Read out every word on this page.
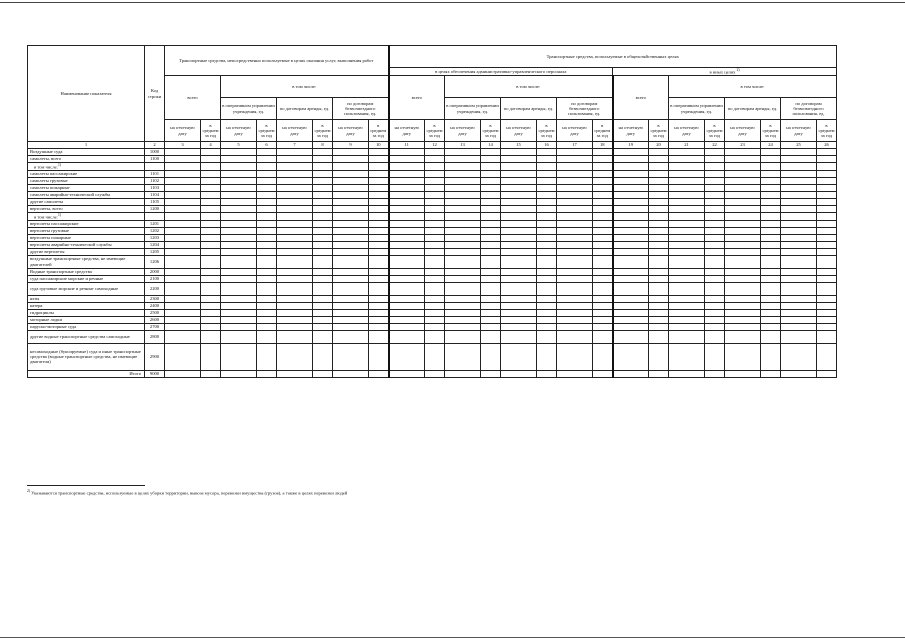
Наименование показателя	Код строки	Транспортные средства, непосредственно используемые в целях оказания услуг, выполнения работ								Транспортные средства, используемые в общехозяйственных целях															
										в целях обеспечения административно-управленческого персонала								в иных целях $^{2)}$
		всего		в том числе:						всего		в том числе:						всего		в том числе:					
				в оперативном управлении учреждения, ед.		по договорам аренды, ед.		по договорам безвозмездного пользования, ед.				в оперативном управлении учреждения, ед.		по договорам аренды, ед.		по договорам безвозмездного пользования, ед.				в оперативном управлении учреждения, ед.		по договорам аренды, ед.		по договорам безвозмездного пользования, ед.	
		на отчетную дату	в среднем за год	на отчетную дату	в среднем за год	на отчетную дату	в среднем за год	на отчетную дату	в среднем за год	на отчетную дату	в среднем за год	на отчетную дату	в среднем за год	на отчетную дату	в среднем за год	на отчетную дату	в среднем за год	на отчетную дату	в среднем за год	на отчетную дату	в среднем за год	на отчетную дату	в среднем за год	на отчетную дату	в среднем за год
1	2	3	4	5	6	7	8	9	10	11	12	13	14	15	16	17	18	19	20	21	22	23	24	25	26
Воздушные суда	1000																								
самолеты, всего	1100																								
в том числе:$^{1)}$																									
самолеты пассажирские	1101																								
самолеты грузовые	1102																								
самолеты пожарные	1103																								
самолеты аварийно-технической службы	1104																								
другие самолеты	1105																								
вертолеты, всего	1200																								
в том числе:$^{1)}$																									
вертолеты пассажирские	1201																								
вертолеты грузовые	1202																								
вертолеты пожарные	1203																								
вертолеты аварийно-технической службы	1204																								
другие вертолеты	1205																								
воздушные транспортные средства, не имеющие двигателей	1206																								
Водные транспортные средства	2000																								
суда пассажирские морские и речные	2100																								
суда грузовые морские и речные самоходные	2200																								
яхты	2300																								
катера	2400																								
гидроциклы	2500																								
моторные лодки	2600																								
парусно-моторные суда	2700																								
другие водные транспортные средства самоходные	2800																								
несамоходные (буксируемые) суда и иные транспортные средства (водные транспортные средства, не имеющие двигателя)	2900																								
Итого	9000																								
$^{2)}$ Указываются транспортные средства, используемые в целях уборки территории, вывоза мусора, перевозки имущества (грузов), а также в целях перевозки людей
